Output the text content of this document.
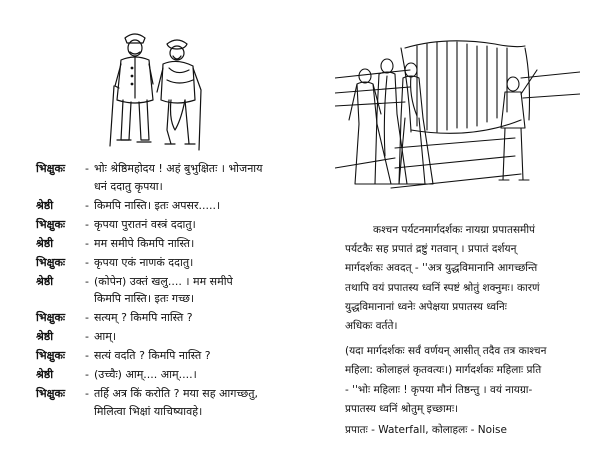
भिक्षुकः	- भोः श्रेष्ठिमहोदय ! अहं बुभुक्षितः । भोजनाय
धनं ददातु कृपया।
श्रेष्ठी	- किमपि नास्ति। इतः अपसर.....।
भिक्षुकः	- कृपया पुरातनं वस्त्रं ददातु।
श्रेष्ठी	- मम समीपे किमपि नास्ति।
भिक्षुकः	- कृपया एकं नाणकं ददातु।
श्रेष्ठी	- (कोपेन) उक्तं खलु.... । मम समीपे
किमपि नास्ति। इतः गच्छ।
भिक्षुकः	- सत्यम् ? किमपि नास्ति ?
श्रेष्ठी	- आम्।
भिक्षुकः	- सत्यं वदति ? किमपि नास्ति ?
श्रेष्ठी	- (उच्चैः) आम्.... आम्....।
भिक्षुकः	- तर्हि अत्र किं करोति ? मया सह आगच्छतु,
मिलित्वा भिक्षां याचिष्यावहे।
कश्चन पर्यटनमार्गदर्शकः नायग्रा प्रपातसमीपं
पर्यटकैः सह प्रपातं द्रष्टुं गतवान् । प्रपातं दर्शयन्
मार्गदर्शकः अवदत् - ''अत्र युद्धविमानानि आगच्छन्ति
तथापि वयं प्रपातस्य ध्वनिं स्पष्टं श्रोतुं शक्नुमः। कारणं
युद्धविमानानां ध्वनेः अपेक्षया प्रपातस्य ध्वनिः
अधिकः वर्तते।
(यदा मार्गदर्शकः सर्वं वर्णयन् आसीत् तदैव तत्र काश्चन
महिला: कोलाहलं कृतवत्यः।) मार्गदर्शकः महिलाः प्रति
- ''भोः महिलाः ! कृपया मौनं तिष्ठन्तु । वयं नायग्रा-
प्रपातस्य ध्वनिं श्रोतुम् इच्छामः।
प्रपातः - Waterfall, कोलाहलः - Noise
